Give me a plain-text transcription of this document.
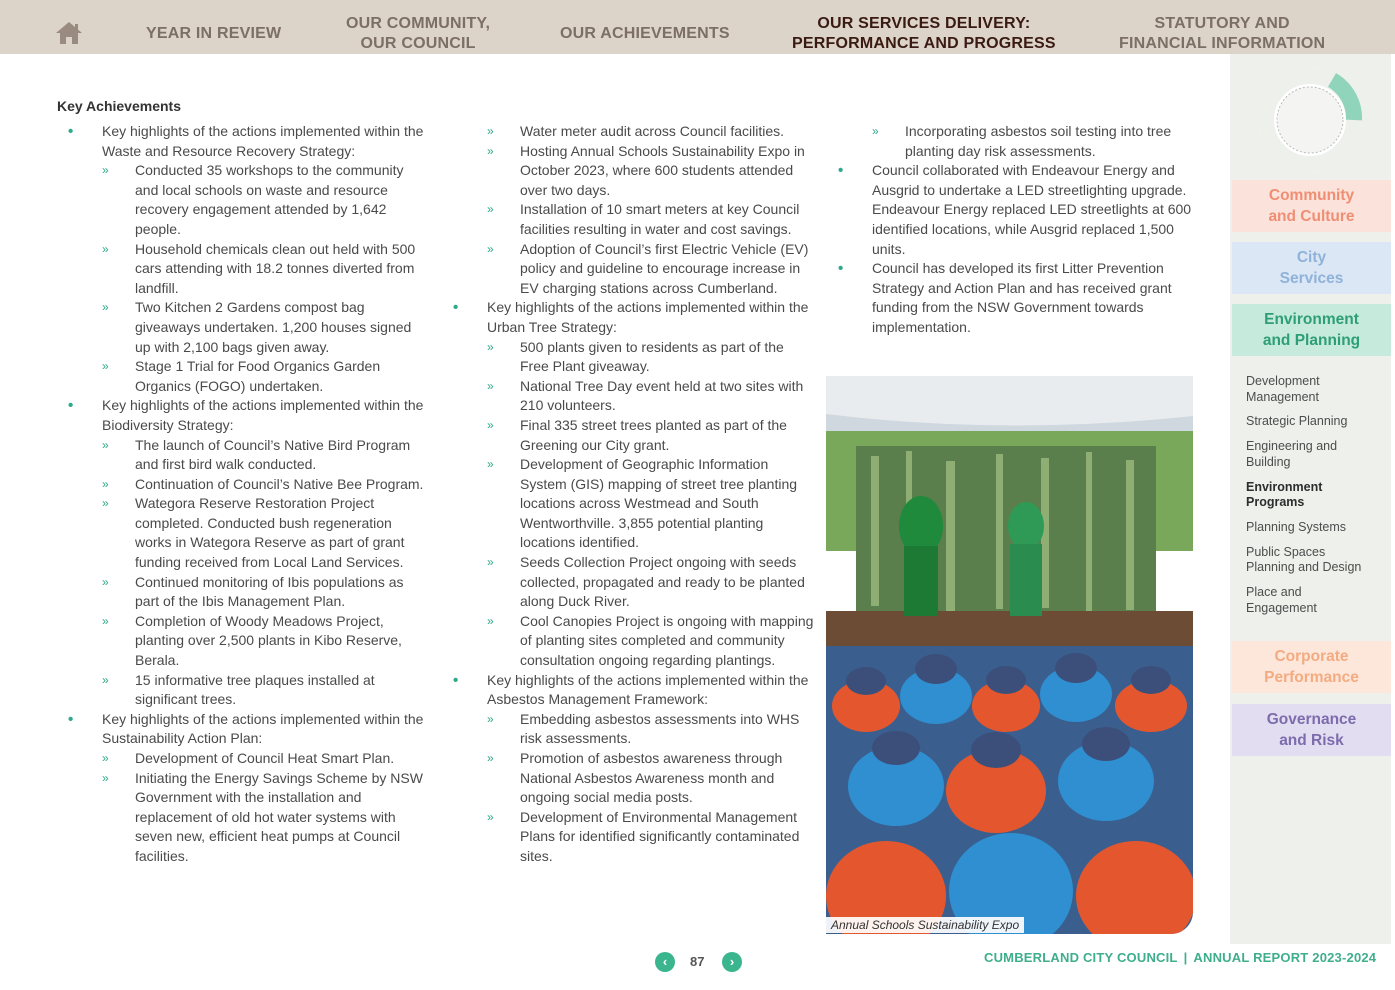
YEAR IN REVIEW
OUR COMMUNITY,
OUR COUNCIL
OUR ACHIEVEMENTS
OUR SERVICES DELIVERY:
PERFORMANCE AND PROGRESS
STATUTORY AND
FINANCIAL INFORMATION
Key Achievements
• Key highlights of the actions implemented within the Waste and Resource Recovery Strategy:
» Conducted 35 workshops to the community and local schools on waste and resource recovery engagement attended by 1,642 people.
» Household chemicals clean out held with 500 cars attending with 18.2 tonnes diverted from landfill.
» Two Kitchen 2 Gardens compost bag giveaways undertaken. 1,200 houses signed up with 2,100 bags given away.
» Stage 1 Trial for Food Organics Garden Organics (FOGO) undertaken.
• Key highlights of the actions implemented within the Biodiversity Strategy:
» The launch of Council’s Native Bird Program and first bird walk conducted.
» Continuation of Council’s Native Bee Program.
» Wategora Reserve Restoration Project completed. Conducted bush regeneration works in Wategora Reserve as part of grant funding received from Local Land Services.
» Continued monitoring of Ibis populations as part of the Ibis Management Plan.
» Completion of Woody Meadows Project, planting over 2,500 plants in Kibo Reserve, Berala.
» 15 informative tree plaques installed at significant trees.
• Key highlights of the actions implemented within the Sustainability Action Plan:
» Development of Council Heat Smart Plan.
» Initiating the Energy Savings Scheme by NSW Government with the installation and replacement of old hot water systems with seven new, efficient heat pumps at Council facilities.
» Water meter audit across Council facilities.
» Hosting Annual Schools Sustainability Expo in October 2023, where 600 students attended over two days.
» Installation of 10 smart meters at key Council facilities resulting in water and cost savings.
» Adoption of Council’s first Electric Vehicle (EV) policy and guideline to encourage increase in EV charging stations across Cumberland.
• Key highlights of the actions implemented within the Urban Tree Strategy:
» 500 plants given to residents as part of the Free Plant giveaway.
» National Tree Day event held at two sites with 210 volunteers.
» Final 335 street trees planted as part of the Greening our City grant.
» Development of Geographic Information System (GIS) mapping of street tree planting locations across Westmead and South Wentworthville. 3,855 potential planting locations identified.
» Seeds Collection Project ongoing with seeds collected, propagated and ready to be planted along Duck River.
» Cool Canopies Project is ongoing with mapping of planting sites completed and community consultation ongoing regarding plantings.
• Key highlights of the actions implemented within the Asbestos Management Framework:
» Embedding asbestos assessments into WHS risk assessments.
» Promotion of asbestos awareness through National Asbestos Awareness month and ongoing social media posts.
» Development of Environmental Management Plans for identified significantly contaminated sites.
» Incorporating asbestos soil testing into tree planting day risk assessments.
• Council collaborated with Endeavour Energy and Ausgrid to undertake a LED streetlighting upgrade. Endeavour Energy replaced LED streetlights at 600 identified locations, while Ausgrid replaced 1,500 units.
• Council has developed its first Litter Prevention Strategy and Action Plan and has received grant funding from the NSW Government towards implementation.
Annual Schools Sustainability Expo
Community and Culture
City Services
Environment and Planning
Development Management
Strategic Planning
Engineering and Building
Environment Programs
Planning Systems
Public Spaces Planning and Design
Place and Engagement
Corporate Performance
Governance and Risk
‹	87	›	CUMBERLAND CITY COUNCIL | ANNUAL REPORT 2023-2024
